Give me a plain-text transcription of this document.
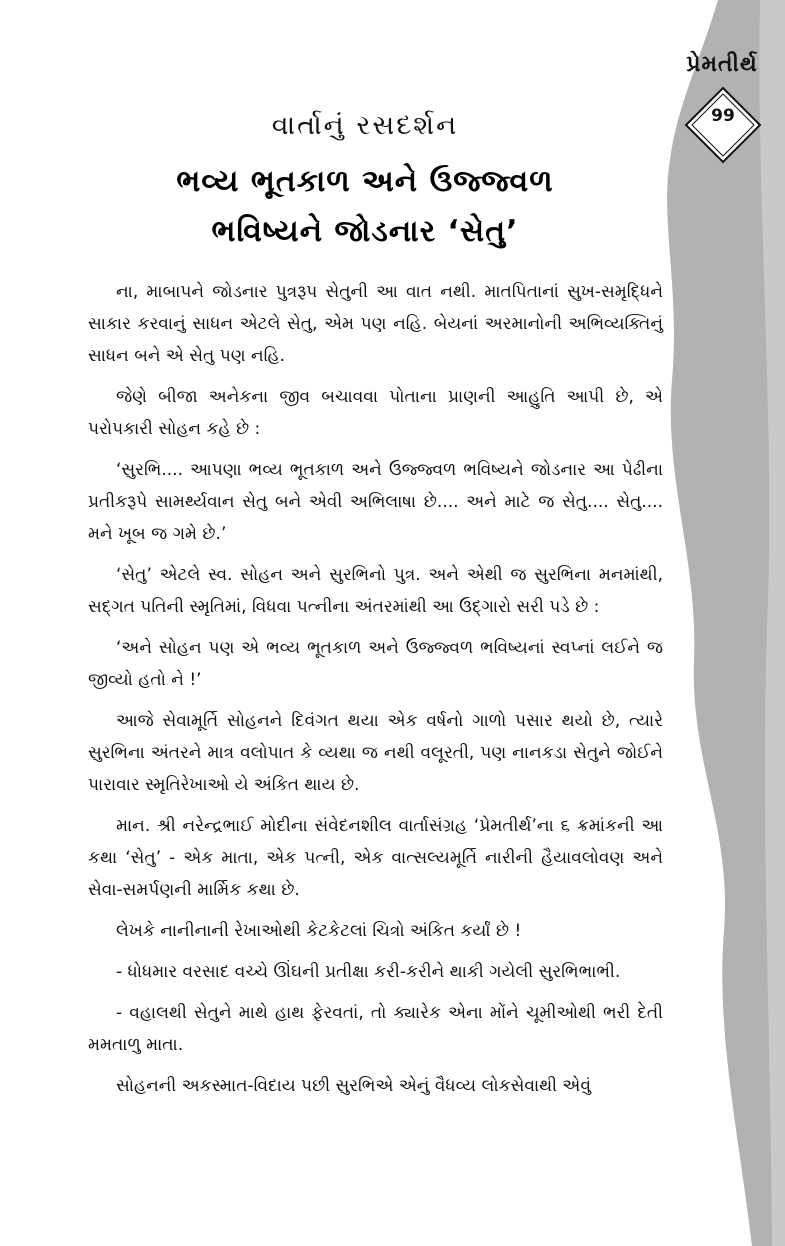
પ્રેમતીર્થ
99
વાર્તાનું રસદર્શન
ભવ્ય ભૂતકાળ અને ઉજ્જ્વળ
ભવિષ્યને જોડનાર ‘સેતુ’

ના, માબાપને જોડનાર પુત્રરૂપ સેતુની આ વાત નથી. માતપિતાનાં સુખ-સમૃદ્ધિને સાકાર કરવાનું સાધન એટલે સેતુ, એમ પણ નહિ. બેયનાં અરમાનોની અભિવ્યક્તિનું સાધન બને એ સેતુ પણ નહિ.

જેણે બીજા અનેકના જીવ બચાવવા પોતાના પ્રાણની આહુતિ આપી છે, એ પરોપકારી સોહન કહે છે :

‘સુરભિ.... આપણા ભવ્ય ભૂતકાળ અને ઉજ્જ્વળ ભવિષ્યને જોડનાર આ પેઢીના પ્રતીકરૂપે સામર્થ્યવાન સેતુ બને એવી અભિલાષા છે.... અને માટે જ સેતુ.... સેતુ.... મને ખૂબ જ ગમે છે.’

‘સેતુ’ એટલે સ્વ. સોહન અને સુરભિનો પુત્ર. અને એથી જ સુરભિના મનમાંથી, સદ્‌ગત પતિની સ્મૃતિમાં, વિધવા પત્નીના અંતરમાંથી આ ઉદ્‌ગારો સરી પડે છે :

‘અને સોહન પણ એ ભવ્ય ભૂતકાળ અને ઉજ્જ્વળ ભવિષ્યનાં સ્વપ્નાં લઈને જ જીવ્યો હતો ને !’

આજે સેવામૂર્તિ સોહનને દિવંગત થયા એક વર્ષનો ગાળો પસાર થયો છે, ત્યારે સુરભિના અંતરને માત્ર વલોપાત કે વ્યથા જ નથી વલૂરતી, પણ નાનકડા સેતુને જોઈને પારાવાર સ્મૃતિરેખાઓ યે અંકિત થાય છે.

માન. શ્રી નરેન્દ્રભાઈ મોદીના સંવેદનશીલ વાર્તાસંગ્રહ ‘પ્રેમતીર્થ’ના ૬ ક્રમાંકની આ કથા ‘સેતુ’ - એક માતા, એક પત્ની, એક વાત્સલ્યમૂર્તિ નારીની હૈયાવલોવણ અને સેવા-સમર્પણની માર્મિક કથા છે.

લેખકે નાનીનાની રેખાઓથી કેટકેટલાં ચિત્રો અંકિત કર્યાં છે !

- ધોધમાર વરસાદ વચ્ચે ઊંઘની પ્રતીક્ષા કરી-કરીને થાકી ગયેલી સુરભિભાભી.

- વહાલથી સેતુને માથે હાથ ફેરવતાં, તો ક્યારેક એના મોંને ચૂમીઓથી ભરી દેતી મમતાળુ માતા.

સોહનની અકસ્માત-વિદાય પછી સુરભિએ એનું વૈધવ્ય લોકસેવાથી એવું
